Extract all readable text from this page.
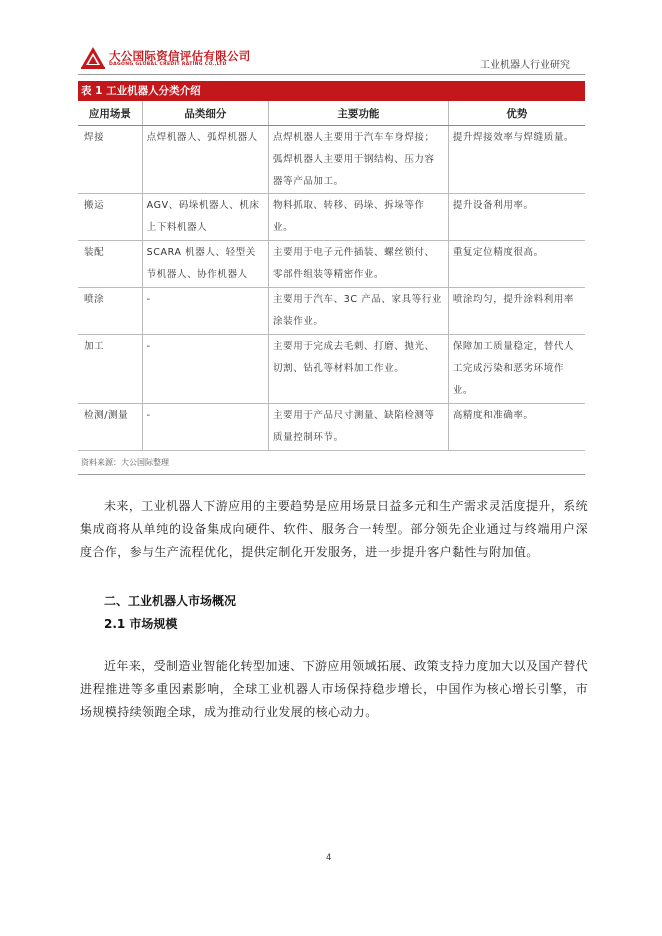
大公国际资信评估有限公司
DAGONG GLOBAL CREDIT RATING CO.,LTD	工业机器人行业研究
表 1 工业机器人分类介绍
应用场景	品类细分	主要功能	优势
焊接	点焊机器人、弧焊机器人	点焊机器人主要用于汽车车身焊接；弧焊机器人主要用于钢结构、压力容器等产品加工。	提升焊接效率与焊缝质量。
搬运	AGV、码垛机器人、机床上下料机器人	物料抓取、转移、码垛、拆垛等作业。	提升设备利用率。
装配	SCARA 机器人、轻型关节机器人、协作机器人	主要用于电子元件插装、螺丝锁付、零部件组装等精密作业。	重复定位精度很高。
喷涂	-	主要用于汽车、3C 产品、家具等行业涂装作业。	喷涂均匀，提升涂料利用率
加工	-	主要用于完成去毛刺、打磨、抛光、切割、钻孔等材料加工作业。	保障加工质量稳定，替代人工完成污染和恶劣环境作业。
检测/测量	-	主要用于产品尺寸测量、缺陷检测等质量控制环节。	高精度和准确率。
资料来源：大公国际整理

未来，工业机器人下游应用的主要趋势是应用场景日益多元和生产需求灵活度提升，系统集成商将从单纯的设备集成向硬件、软件、服务合一转型。部分领先企业通过与终端用户深度合作，参与生产流程优化，提供定制化开发服务，进一步提升客户黏性与附加值。

二、工业机器人市场概况
2.1 市场规模

近年来，受制造业智能化转型加速、下游应用领域拓展、政策支持力度加大以及国产替代进程推进等多重因素影响，全球工业机器人市场保持稳步增长，中国作为核心增长引擎，市场规模持续领跑全球，成为推动行业发展的核心动力。

4
